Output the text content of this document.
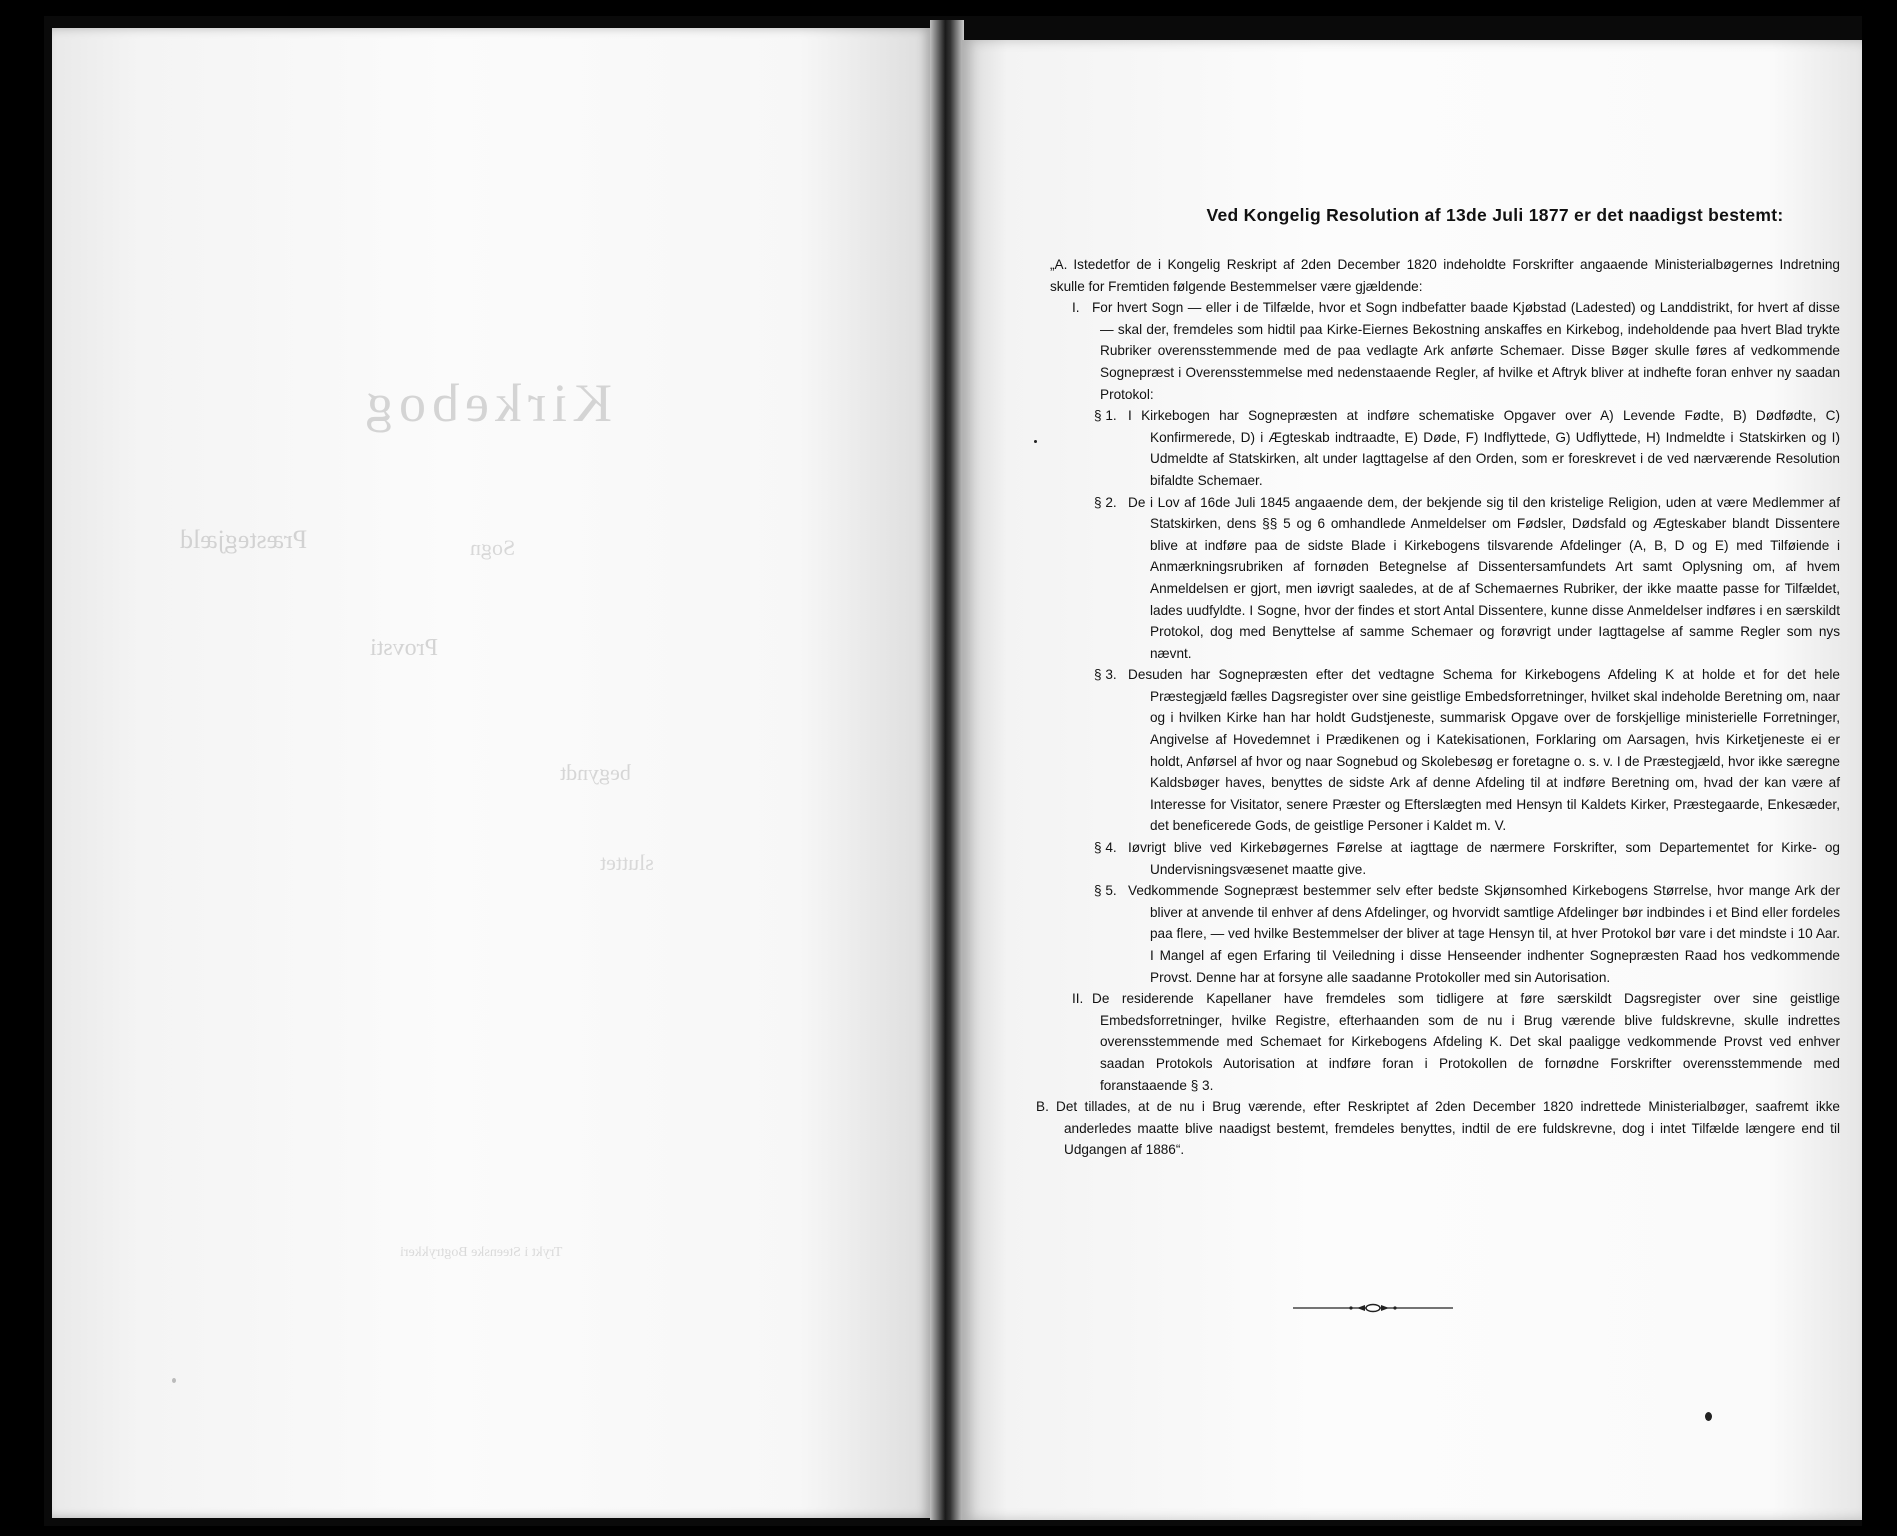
Kirkebog
Præstegjæld	Sogn
Provsti
begyndt
sluttet
Trykt i Steenske Bogtrykkeri
Ved Kongelig Resolution af 13de Juli 1877 er det naadigst bestemt:

„A. Istedetfor de i Kongelig Reskript af 2den December 1820 indeholdte Forskrifter angaaende Ministerialbøgernes Indretning skulle for Fremtiden følgende Bestemmelser være gjældende:

I. For hvert Sogn — eller i de Tilfælde, hvor et Sogn indbefatter baade Kjøbstad (Ladested) og Landdistrikt, for hvert af disse — skal der, fremdeles som hidtil paa Kirke-Eiernes Bekostning anskaffes en Kirkebog, indeholdende paa hvert Blad trykte Rubriker overensstemmende med de paa vedlagte Ark anførte Schemaer. Disse Bøger skulle føres af vedkommende Sognepræst i Overensstemmelse med nedenstaaende Regler, af hvilke et Aftryk bliver at indhefte foran enhver ny saadan Protokol:

§ 1. I Kirkebogen har Sognepræsten at indføre schematiske Opgaver over A) Levende Fødte, B) Dødfødte, C) Konfirmerede, D) i Ægteskab indtraadte, E) Døde, F) Indflyttede, G) Udflyttede, H) Indmeldte i Statskirken og I) Udmeldte af Statskirken, alt under Iagttagelse af den Orden, som er foreskrevet i de ved nærværende Resolution bifaldte Schemaer.

§ 2. De i Lov af 16de Juli 1845 angaaende dem, der bekjende sig til den kristelige Religion, uden at være Medlemmer af Statskirken, dens §§ 5 og 6 omhandlede Anmeldelser om Fødsler, Dødsfald og Ægteskaber blandt Dissentere blive at indføre paa de sidste Blade i Kirkebogens tilsvarende Afdelinger (A, B, D og E) med Tilføiende i Anmærkningsrubriken af fornøden Betegnelse af Dissentersamfundets Art samt Oplysning om, af hvem Anmeldelsen er gjort, men iøvrigt saaledes, at de af Schemaernes Rubriker, der ikke maatte passe for Tilfældet, lades uudfyldte. I Sogne, hvor der findes et stort Antal Dissentere, kunne disse Anmeldelser indføres i en særskildt Protokol, dog med Benyttelse af samme Schemaer og forøvrigt under Iagttagelse af samme Regler som nys nævnt.

§ 3. Desuden har Sognepræsten efter det vedtagne Schema for Kirkebogens Afdeling K at holde et for det hele Præstegjæld fælles Dagsregister over sine geistlige Embedsforretninger, hvilket skal indeholde Beretning om, naar og i hvilken Kirke han har holdt Gudstjeneste, summarisk Opgave over de forskjellige ministerielle Forretninger, Angivelse af Hovedemnet i Prædikenen og i Katekisationen, Forklaring om Aarsagen, hvis Kirketjeneste ei er holdt, Anførsel af hvor og naar Sognebud og Skolebesøg er foretagne o. s. v. I de Præstegjæld, hvor ikke særegne Kaldsbøger haves, benyttes de sidste Ark af denne Afdeling til at indføre Beretning om, hvad der kan være af Interesse for Visitator, senere Præster og Efterslægten med Hensyn til Kaldets Kirker, Præstegaarde, Enkesæder, det beneficerede Gods, de geistlige Personer i Kaldet m. V.

§ 4. Iøvrigt blive ved Kirkebøgernes Førelse at iagttage de nærmere Forskrifter, som Departementet for Kirke- og Undervisningsvæsenet maatte give.

§ 5. Vedkommende Sognepræst bestemmer selv efter bedste Skjønsomhed Kirkebogens Størrelse, hvor mange Ark der bliver at anvende til enhver af dens Afdelinger, og hvorvidt samtlige Afdelinger bør indbindes i et Bind eller fordeles paa flere, — ved hvilke Bestemmelser der bliver at tage Hensyn til, at hver Protokol bør vare i det mindste i 10 Aar. I Mangel af egen Erfaring til Veiledning i disse Henseender indhenter Sognepræsten Raad hos vedkommende Provst. Denne har at forsyne alle saadanne Protokoller med sin Autorisation.

II. De residerende Kapellaner have fremdeles som tidligere at føre særskildt Dagsregister over sine geistlige Embedsforretninger, hvilke Registre, efterhaanden som de nu i Brug værende blive fuldskrevne, skulle indrettes overensstemmende med Schemaet for Kirkebogens Afdeling K. Det skal paaligge vedkommende Provst ved enhver saadan Protokols Autorisation at indføre foran i Protokollen de fornødne Forskrifter overensstemmende med foranstaaende § 3.

Det tillades, at de nu i Brug værende, efter Reskriptet af 2den December 1820 indrettede Ministerialbøger, saafremt ikke anderledes maatte blive naadigst bestemt, fremdeles benyttes, indtil de ere fuldskrevne, dog i intet Tilfælde længere end til Udgangen af 1886“.
